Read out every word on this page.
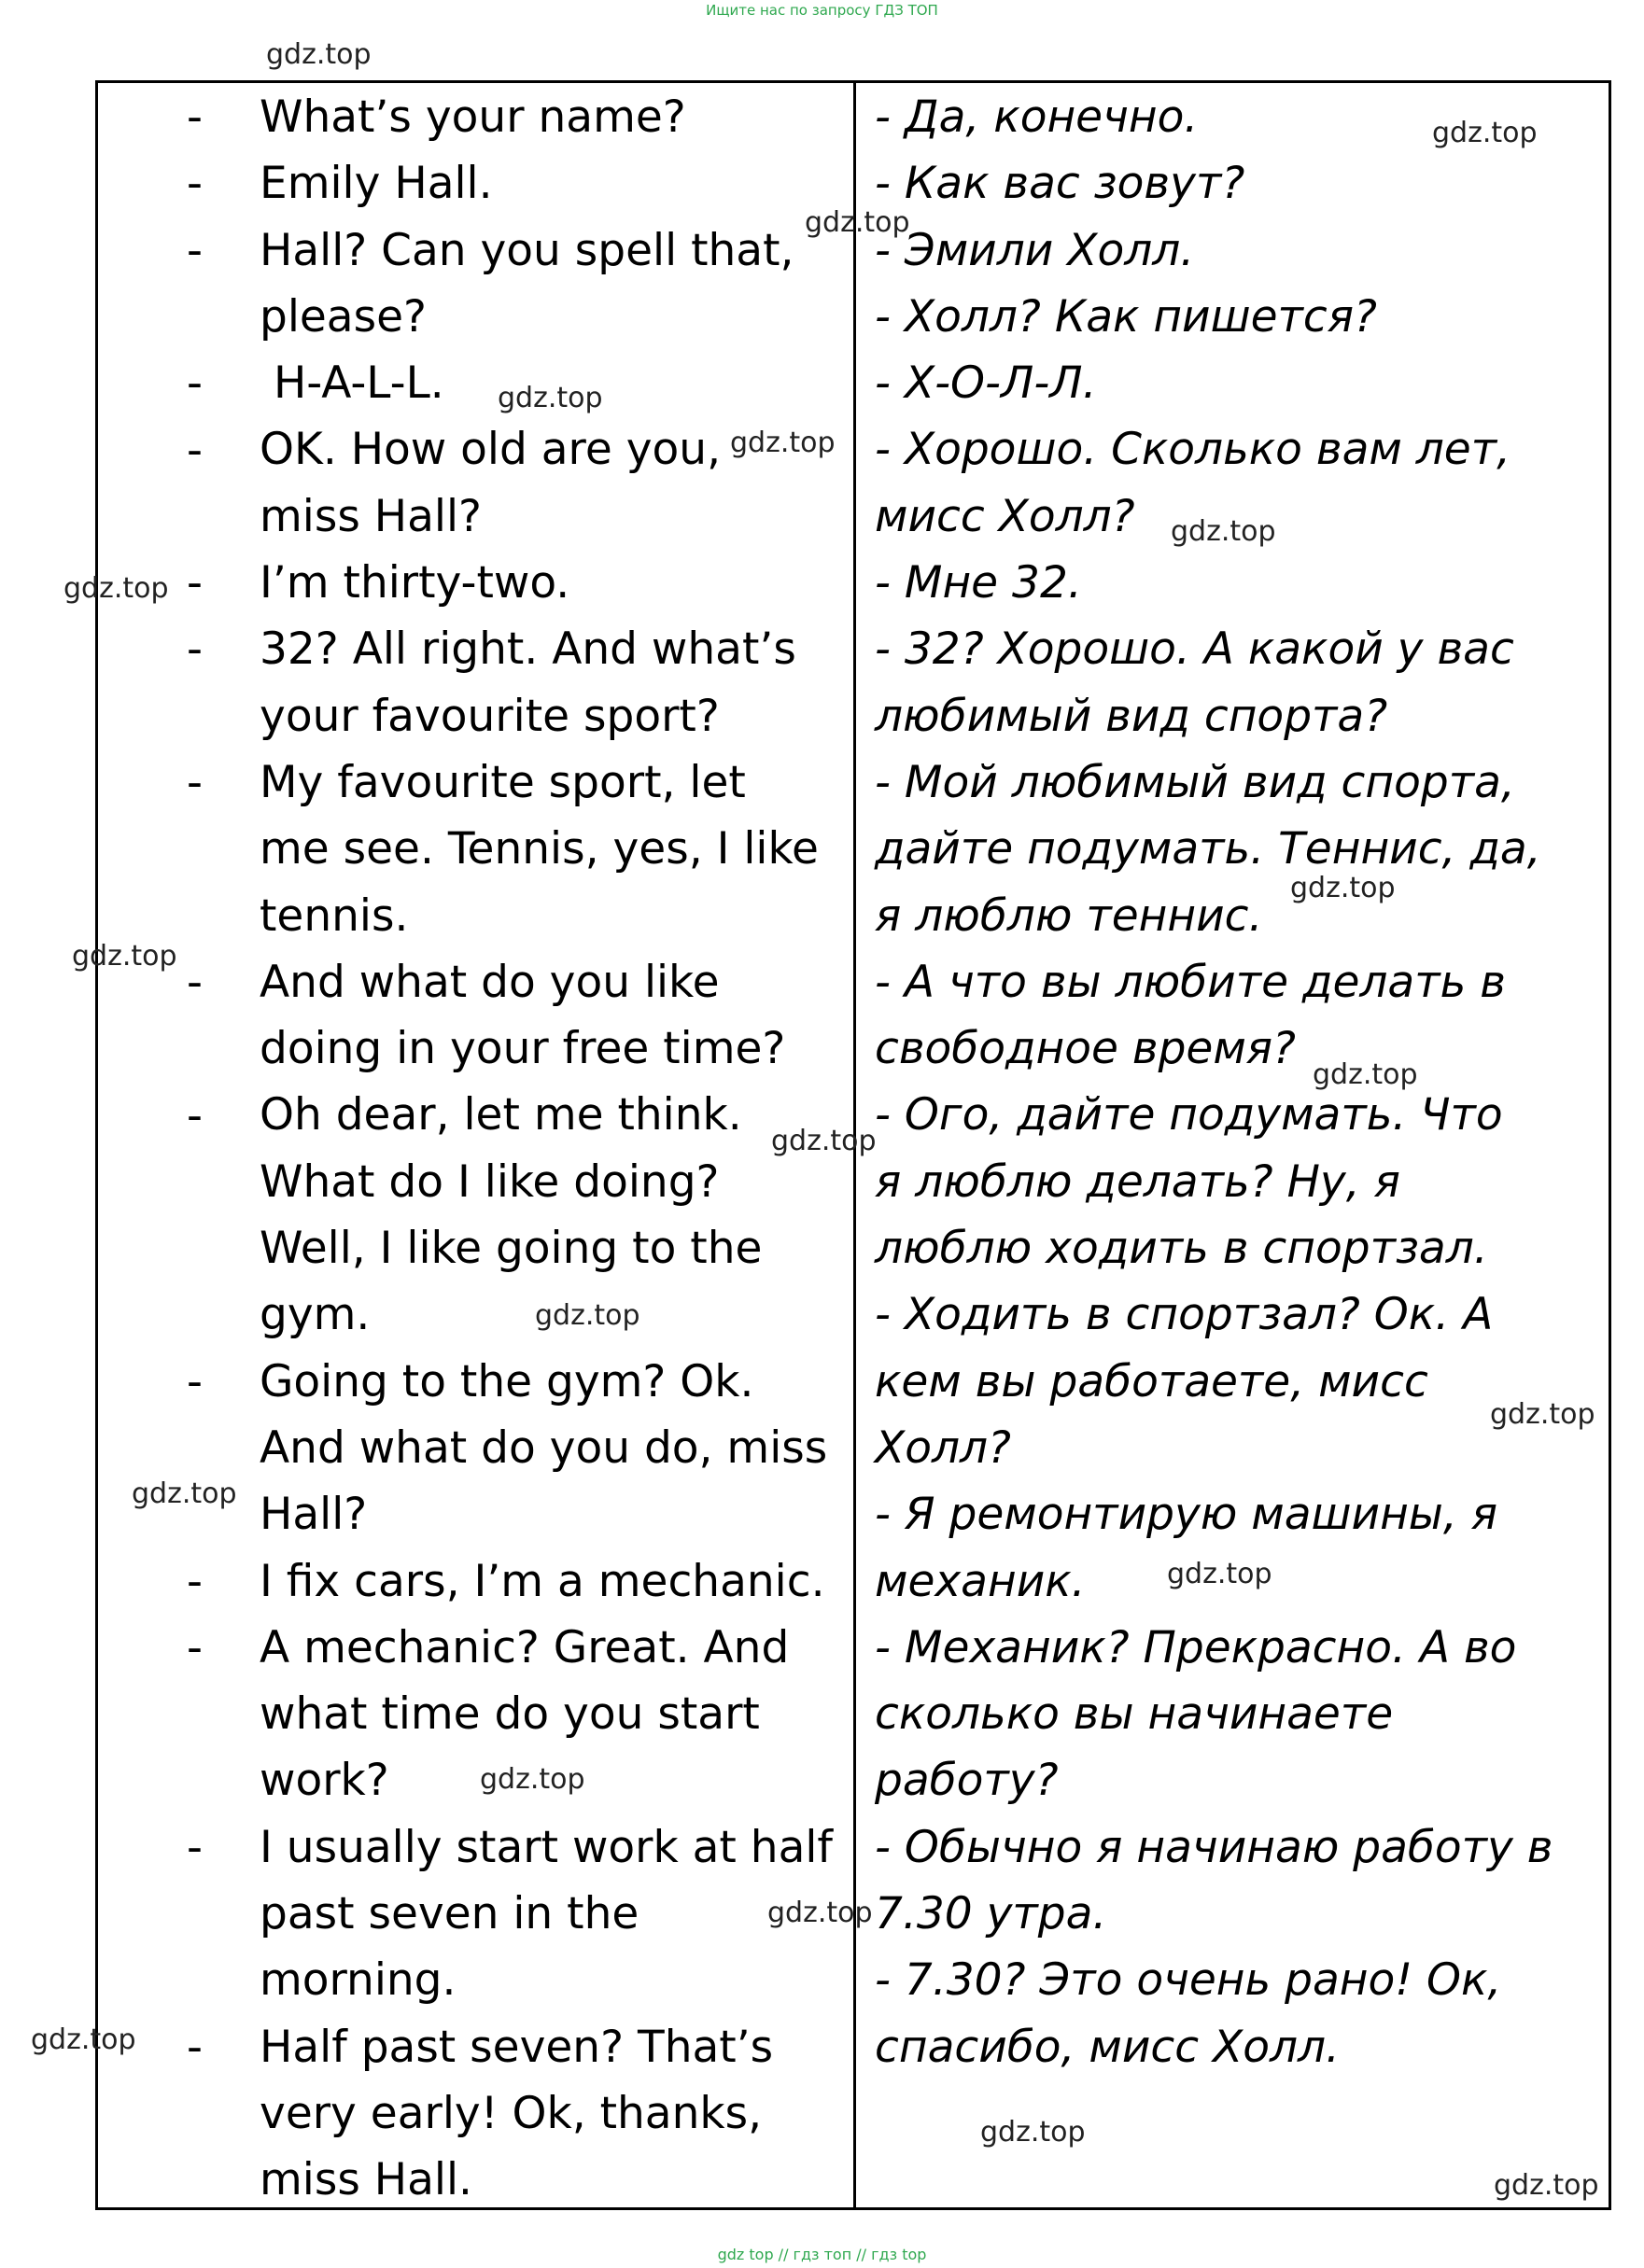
Ищите нас по запросу ГДЗ ТОП
-
-
-
-
-
-
-
-
-
-
-
-
-
-
-
What’s your name?
Emily Hall.
Hall? Can you spell that,
please?
H-A-L-L.
OK. How old are you,
miss Hall?
I’m thirty-two.
32? All right. And what’s
your favourite sport?
My favourite sport, let
me see. Tennis, yes, I like
tennis.
And what do you like
doing in your free time?
Oh dear, let me think.
What do I like doing?
Well, I like going to the
gym.
Going to the gym? Ok.
And what do you do, miss
Hall?
I fix cars, I’m a mechanic.
A mechanic? Great. And
what time do you start
work?
I usually start work at half
past seven in the
morning.
Half past seven? That’s
very early! Ok, thanks,
miss Hall.
- Да, конечно.
- Как вас зовут?
- Эмили Холл.
- Холл? Как пишется?
- Х-О-Л-Л.
- Хорошо. Сколько вам лет,
мисс Холл?
- Мне 32.
- 32? Хорошо. А какой у вас
любимый вид спорта?
- Мой любимый вид спорта,
дайте подумать. Теннис, да,
я люблю теннис.
- А что вы любите делать в
свободное время?
- Ого, дайте подумать. Что
я люблю делать? Ну, я
люблю ходить в спортзал.
- Ходить в спортзал? Ок. А
кем вы работаете, мисс
Холл?
- Я ремонтирую машины, я
механик.
- Механик? Прекрасно. А во
сколько вы начинаете
работу?
- Обычно я начинаю работу в
7.30 утра.
- 7.30? Это очень рано! Ок,
спасибо, мисс Холл.
gdz.top
gdz.top
gdz.top
gdz.top
gdz.top
gdz.top
gdz.top
gdz.top
gdz.top
gdz.top
gdz.top
gdz.top
gdz.top
gdz.top
gdz.top
gdz.top
gdz.top
gdz.top
gdz.top
gdz.top
gdz top // гдз топ // гдз top
